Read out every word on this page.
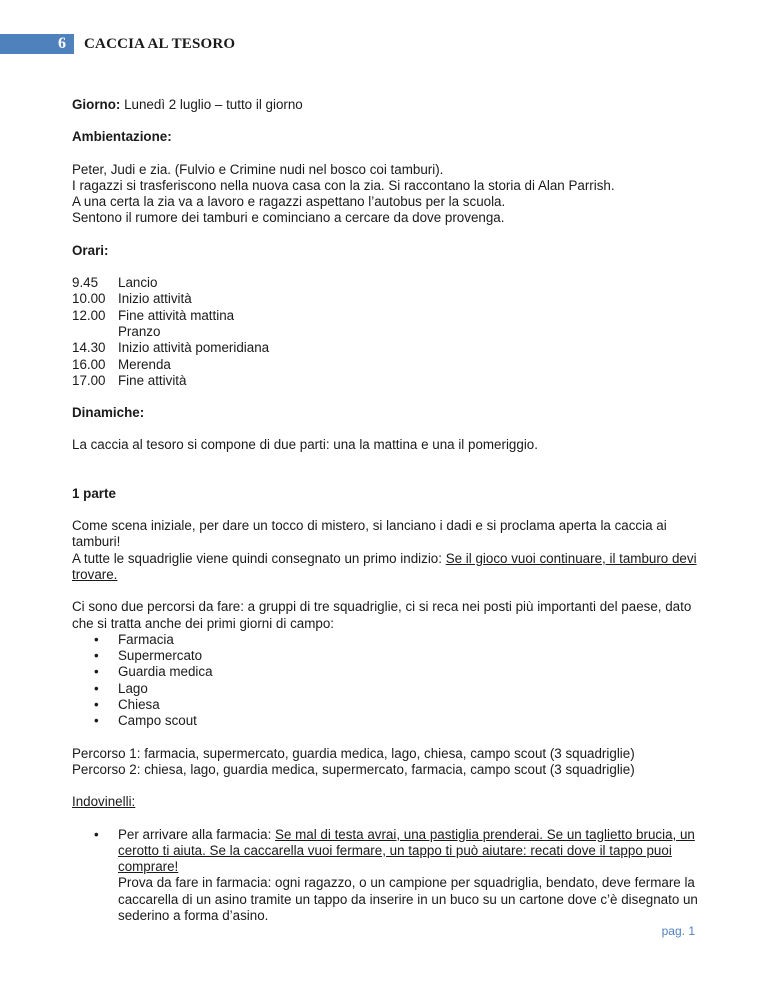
6	CACCIA AL TESORO

Giorno: Lunedì 2 luglio – tutto il giorno

Ambientazione:

Peter, Judi e zia. (Fulvio e Crimine nudi nel bosco coi tamburi).

I ragazzi si trasferiscono nella nuova casa con la zia. Si raccontano la storia di Alan Parrish.

A una certa la zia va a lavoro e ragazzi aspettano l’autobus per la scuola.

Sentono il rumore dei tamburi e cominciano a cercare da dove provenga.

Orari:

9.45	Lancio
10.00	Inizio attività
12.00	Fine attività mattina
	Pranzo
14.30	Inizio attività pomeridiana
16.00	Merenda
17.00	Fine attività

Dinamiche:

La caccia al tesoro si compone di due parti: una la mattina e una il pomeriggio.

1 parte

Come scena iniziale, per dare un tocco di mistero, si lanciano i dadi e si proclama aperta la caccia ai tamburi!

A tutte le squadriglie viene quindi consegnato un primo indizio: Se il gioco vuoi continuare, il tamburo devi trovare.

Ci sono due percorsi da fare: a gruppi di tre squadriglie, ci si reca nei posti più importanti del paese, dato che si tratta anche dei primi giorni di campo:

• Farmacia
• Supermercato
• Guardia medica
• Lago
• Chiesa
• Campo scout

Percorso 1: farmacia, supermercato, guardia medica, lago, chiesa, campo scout (3 squadriglie)

Percorso 2: chiesa, lago, guardia medica, supermercato, farmacia, campo scout (3 squadriglie)

Indovinelli:

• Per arrivare alla farmacia: Se mal di testa avrai, una pastiglia prenderai. Se un taglietto brucia, un cerotto ti aiuta. Se la caccarella vuoi fermare, un tappo ti può aiutare: recati dove il tappo puoi comprare!

Prova da fare in farmacia: ogni ragazzo, o un campione per squadriglia, bendato, deve fermare la caccarella di un asino tramite un tappo da inserire in un buco su un cartone dove c’è disegnato un sederino a forma d’asino.

pag. 1
